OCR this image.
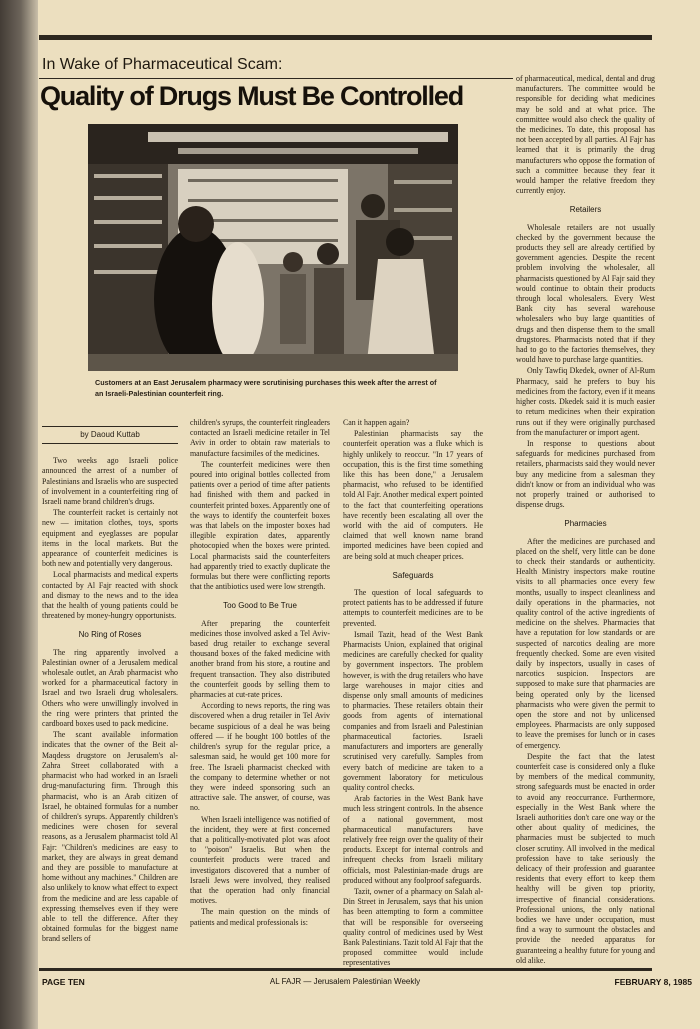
In Wake of Pharmaceutical Scam:
Quality of Drugs Must Be Controlled
Customers at an East Jerusalem pharmacy were scrutinising purchases this week after the arrest of an Israeli-Palestinian counterfeit ring.
by Daoud Kuttab

Two weeks ago Israeli police announced the arrest of a number of Palestinians and Israelis who are suspected of involvement in a counterfeiting ring of Israeli name brand children's drugs.

The counterfeit racket is certainly not new — imitation clothes, toys, sports equipment and eyeglasses are popular items in the local markets. But the appearance of counterfeit medicines is both new and potentially very dangerous.

Local pharmacists and medical experts contacted by Al Fajr reacted with shock and dismay to the news and to the idea that the health of young patients could be threatened by money-hungry opportunists.

No Ring of Roses

The ring apparently involved a Palestinian owner of a Jerusalem medical wholesale outlet, an Arab pharmacist who worked for a pharmaceutical factory in Israel and two Israeli drug wholesalers. Others who were unwillingly involved in the ring were printers that printed the cardboard boxes used to pack medicine.

The scant available information indicates that the owner of the Beit al-Maqdess drugstore on Jerusalem's al-Zahra Street collaborated with a pharmacist who had worked in an Israeli drug-manufacturing firm. Through this pharmacist, who is an Arab citizen of Israel, he obtained formulas for a number of children's syrups. Apparently children's medicines were chosen for several reasons, as a Jerusalem pharmacist told Al Fajr: "Children's medicines are easy to market, they are always in great demand and they are possible to manufacture at home without any machines." Children are also unlikely to know what effect to expect from the medicine and are less capable of expressing themselves even if they were able to tell the difference. After they obtained formulas for the biggest name brand sellers of

children's syrups, the counterfeit ringleaders contacted an Israeli medicine retailer in Tel Aviv in order to obtain raw materials to manufacture facsimiles of the medicines.

The counterfeit medicines were then poured into original bottles collected from patients over a period of time after patients had finished with them and packed in counterfeit printed boxes. Apparently one of the ways to identify the counterfeit boxes was that labels on the imposter boxes had illegible expiration dates, apparently photocopied when the boxes were printed. Local pharmacists said the counterfeiters had apparently tried to exactly duplicate the formulas but there were conflicting reports that the antibiotics used were low strength.

Too Good to Be True

After preparing the counterfeit medicines those involved asked a Tel Aviv-based drug retailer to exchange several thousand boxes of the faked medicine with another brand from his store, a routine and frequent transaction. They also distributed the counterfeit goods by selling them to pharmacies at cut-rate prices.

According to news reports, the ring was discovered when a drug retailer in Tel Aviv became suspicious of a deal he was being offered — if he bought 100 bottles of the children's syrup for the regular price, a salesman said, he would get 100 more for free. The Israeli pharmacist checked with the company to determine whether or not they were indeed sponsoring such an attractive sale. The answer, of course, was no.

When Israeli intelligence was notified of the incident, they were at first concerned that a politically-motivated plot was afoot to "poison" Israelis. But when the counterfeit products were traced and investigators discovered that a number of Israeli Jews were involved, they realised that the operation had only financial motives.

The main question on the minds of patients and medical professionals is:

Can it happen again?

Palestinian pharmacists say the counterfeit operation was a fluke which is highly unlikely to reoccur. "In 17 years of occupation, this is the first time something like this has been done," a Jerusalem pharmacist, who refused to be identified told Al Fajr. Another medical expert pointed to the fact that counterfeiting operations have recently been escalating all over the world with the aid of computers. He claimed that well known name brand imported medicines have been copied and are being sold at much cheaper prices.

Safeguards

The question of local safeguards to protect patients has to be addressed if future attempts to counterfeit medicines are to be prevented.

Ismail Tazit, head of the West Bank Pharmacists Union, explained that original medicines are carefully checked for quality by government inspectors. The problem however, is with the drug retailers who have large warehouses in major cities and dispense only small amounts of medicines to pharmacies. These retailers obtain their goods from agents of international companies and from Israeli and Palestinian pharmaceutical factories. Israeli manufacturers and importers are generally scrutinised very carefully. Samples from every batch of medicine are taken to a government laboratory for meticulous quality control checks.

Arab factories in the West Bank have much less stringent controls. In the absence of a national government, most pharmaceutical manufacturers have relatively free reign over the quality of their products. Except for internal controls and infrequent checks from Israeli military officials, most Palestinian-made drugs are produced without any foolproof safeguards.

Tazit, owner of a pharmacy on Salah al-Din Street in Jerusalem, says that his union has been attempting to form a committee that will be responsible for overseeing quality control of medicines used by West Bank Palestinians. Tazit told Al Fajr that the proposed committee would include representatives

of pharmaceutical, medical, dental and drug manufacturers. The committee would be responsible for deciding what medicines may be sold and at what price. The committee would also check the quality of the medicines. To date, this proposal has not been accepted by all parties. Al Fajr has learned that it is primarily the drug manufacturers who oppose the formation of such a committee because they fear it would hamper the relative freedom they currently enjoy.

Retailers

Wholesale retailers are not usually checked by the government because the products they sell are already certified by government agencies. Despite the recent problem involving the wholesaler, all pharmacists questioned by Al Fajr said they would continue to obtain their products through local wholesalers. Every West Bank city has several warehouse wholesalers who buy large quantities of drugs and then dispense them to the small drugstores. Pharmacists noted that if they had to go to the factories themselves, they would have to purchase large quantities.

Only Tawfiq Dkedek, owner of Al-Rum Pharmacy, said he prefers to buy his medicines from the factory, even if it means higher costs. Dkedek said it is much easier to return medicines when their expiration runs out if they were originally purchased from the manufacturer or import agent.

In response to questions about safeguards for medicines purchased from retailers, pharmacists said they would never buy any medicine from a salesman they didn't know or from an individual who was not properly trained or authorised to dispense drugs.

Pharmacies

After the medicines are purchased and placed on the shelf, very little can be done to check their standards or authenticity. Health Ministry inspectors make routine visits to all pharmacies once every few months, usually to inspect cleanliness and daily operations in the pharmacies, not quality control of the active ingredients of medicine on the shelves. Pharmacies that have a reputation for low standards or are suspected of narcotics dealing are more frequently checked. Some are even visited daily by inspectors, usually in cases of narcotics suspicion. Inspectors are supposed to make sure that pharmacies are being operated only by the licensed pharmacists who were given the permit to open the store and not by unlicensed employees. Pharmacists are only supposed to leave the premises for lunch or in cases of emergency.

Despite the fact that the latest counterfeit case is considered only a fluke by members of the medical community, strong safeguards must be enacted in order to avoid any reoccurrance. Furthermore, especially in the West Bank where the Israeli authorities don't care one way or the other about quality of medicines, the pharmacies must be subjected to much closer scrutiny. All involved in the medical profession have to take seriously the delicacy of their profession and guarantee residents that every effort to keep them healthy will be given top priority, irrespective of financial considerations. Professional unions, the only national bodies we have under occupation, must find a way to surmount the obstacles and provide the needed apparatus for guaranteeing a healthy future for young and old alike.

PAGE TEN	AL FAJR — Jerusalem Palestinian Weekly	FEBRUARY 8, 1985
